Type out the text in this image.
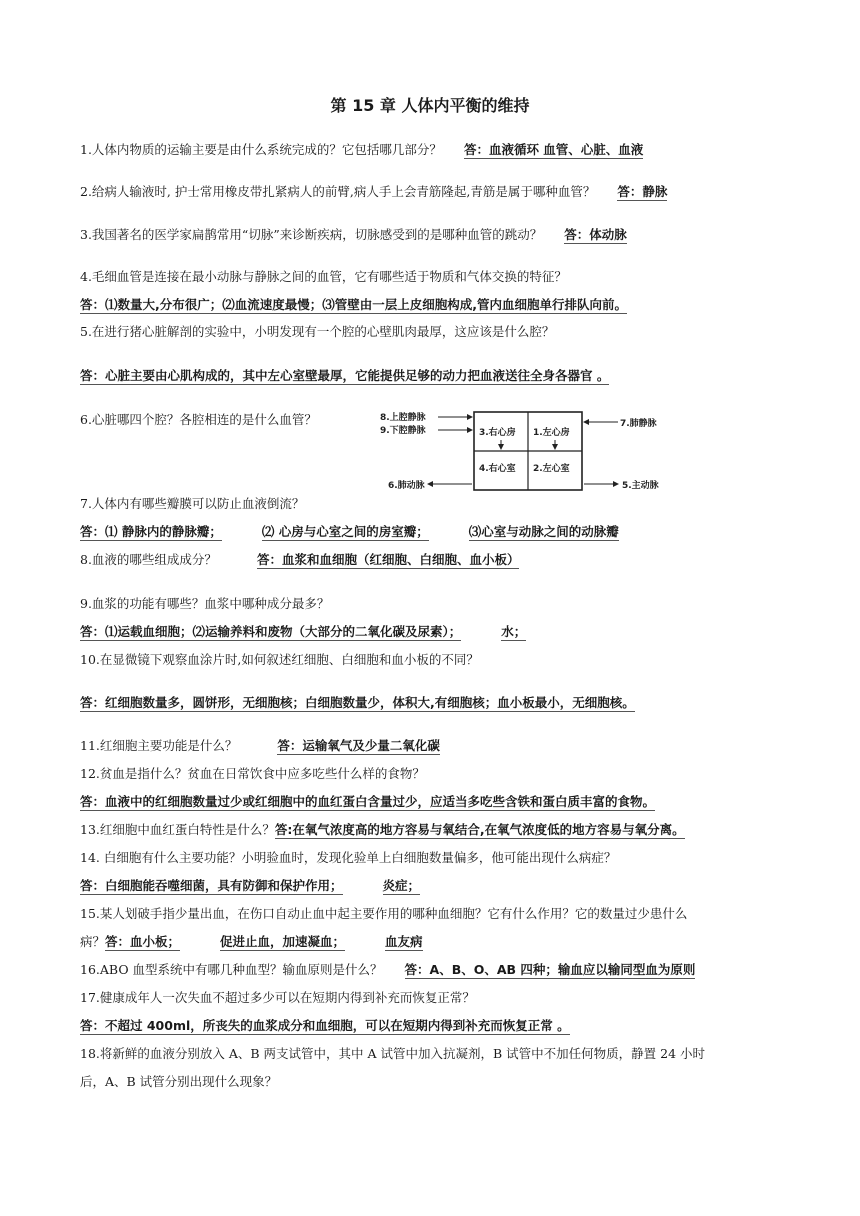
第 15 章 人体内平衡的维持
1.人体内物质的运输主要是由什么系统完成的？它包括哪几部分？ 答：血液循环 血管、心脏、血液
2.给病人输液时, 护士常用橡皮带扎紧病人的前臂,病人手上会青筋隆起,青筋是属于哪种血管？ 答：静脉
3.我国著名的医学家扁鹊常用“切脉”来诊断疾病，切脉感受到的是哪种血管的跳动？ 答：体动脉
4.毛细血管是连接在最小动脉与静脉之间的血管，它有哪些适于物质和气体交换的特征？
答：⑴数量大,分布很广；⑵血流速度最慢；⑶管壁由一层上皮细胞构成,管内血细胞单行排队向前。
5.在进行猪心脏解剖的实验中，小明发现有一个腔的心壁肌肉最厚，这应该是什么腔？
答：心脏主要由心肌构成的，其中左心室壁最厚，它能提供足够的动力把血液送往全身各器官 。
6.心脏哪四个腔？各腔相连的是什么血管？
3.右心房 1.左心房
4.右心室 2.左心室
8.上腔静脉
9.下腔静脉
7.肺静脉
6.肺动脉	5.主动脉
7.人体内有哪些瓣膜可以防止血液倒流？
答：⑴ 静脉内的静脉瓣；	⑵ 心房与心室之间的房室瓣；	⑶心室与动脉之间的动脉瓣
8.血液的哪些组成成分？	答：血浆和血细胞（红细胞、白细胞、血小板）
9.血浆的功能有哪些？血浆中哪种成分最多？
答：⑴运载血细胞；⑵运输养料和废物（大部分的二氧化碳及尿素）；	水；
10.在显微镜下观察血涂片时,如何叙述红细胞、白细胞和血小板的不同？
答：红细胞数量多，圆饼形，无细胞核；白细胞数量少，体积大,有细胞核；血小板最小，无细胞核。
11.红细胞主要功能是什么？	答：运输氧气及少量二氧化碳
12.贫血是指什么？贫血在日常饮食中应多吃些什么样的食物？
答：血液中的红细胞数量过少或红细胞中的血红蛋白含量过少，应适当多吃些含铁和蛋白质丰富的食物。
13.红细胞中血红蛋白特性是什么？答:在氧气浓度高的地方容易与氧结合,在氧气浓度低的地方容易与氧分离。
14. 白细胞有什么主要功能？小明验血时，发现化验单上白细胞数量偏多，他可能出现什么病症？
答：白细胞能吞噬细菌，具有防御和保护作用；	炎症；
15.某人划破手指少量出血，在伤口自动止血中起主要作用的哪种血细胞？它有什么作用？它的数量过少患什么
病？答：血小板；	促进止血，加速凝血；	血友病
16.ABO 血型系统中有哪几种血型？输血原则是什么？ 答：A、B、O、AB 四种；输血应以输同型血为原则
17.健康成年人一次失血不超过多少可以在短期内得到补充而恢复正常？
答：不超过 400ml，所丧失的血浆成分和血细胞，可以在短期内得到补充而恢复正常 。
18.将新鲜的血液分别放入 A、B 两支试管中，其中 A 试管中加入抗凝剂，B 试管中不加任何物质，静置 24 小时
后，A、B 试管分别出现什么现象？
